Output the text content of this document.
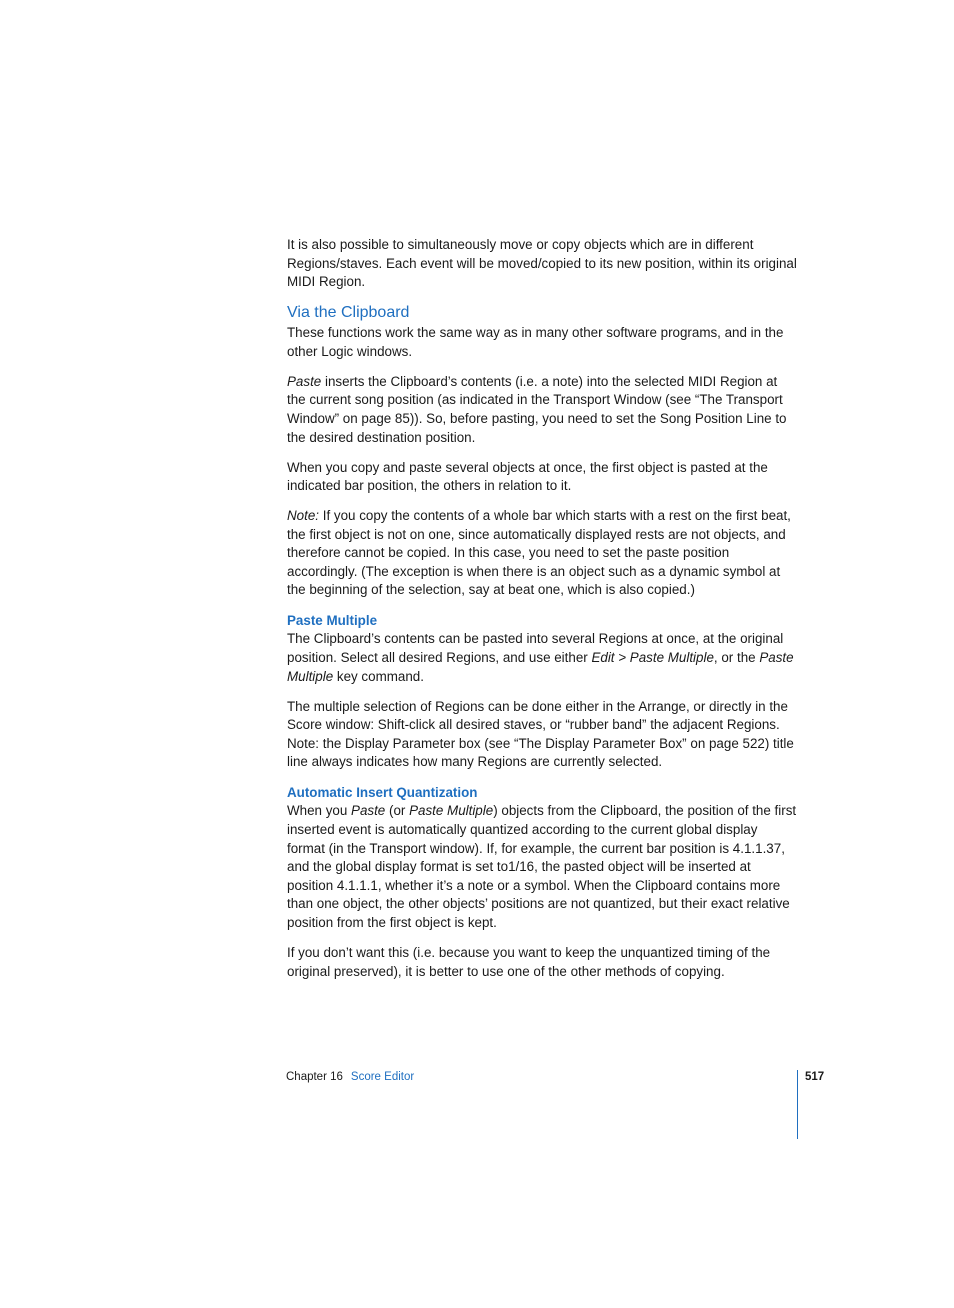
It is also possible to simultaneously move or copy objects which are in different Regions/staves. Each event will be moved/copied to its new position, within its original MIDI Region.

Via the Clipboard

These functions work the same way as in many other software programs, and in the other Logic windows.

Paste inserts the Clipboard’s contents (i.e. a note) into the selected MIDI Region at the current song position (as indicated in the Transport Window (see “The Transport Window” on page 85)). So, before pasting, you need to set the Song Position Line to the desired destination position.

When you copy and paste several objects at once, the first object is pasted at the indicated bar position, the others in relation to it.

Note: If you copy the contents of a whole bar which starts with a rest on the first beat, the first object is not on one, since automatically displayed rests are not objects, and therefore cannot be copied. In this case, you need to set the paste position accordingly. (The exception is when there is an object such as a dynamic symbol at the beginning of the selection, say at beat one, which is also copied.)

Paste Multiple

The Clipboard’s contents can be pasted into several Regions at once, at the original position. Select all desired Regions, and use either Edit > Paste Multiple, or the Paste Multiple key command.

The multiple selection of Regions can be done either in the Arrange, or directly in the Score window: Shift-click all desired staves, or “rubber band” the adjacent Regions. Note: the Display Parameter box (see “The Display Parameter Box” on page 522) title line always indicates how many Regions are currently selected.

Automatic Insert Quantization

When you Paste (or Paste Multiple) objects from the Clipboard, the position of the first inserted event is automatically quantized according to the current global display format (in the Transport window). If, for example, the current bar position is 4.1.1.37, and the global display format is set to1/16, the pasted object will be inserted at position 4.1.1.1, whether it’s a note or a symbol. When the Clipboard contains more than one object, the other objects’ positions are not quantized, but their exact relative position from the first object is kept.

If you don’t want this (i.e. because you want to keep the unquantized timing of the original preserved), it is better to use one of the other methods of copying.

Chapter 16 Score Editor	517
